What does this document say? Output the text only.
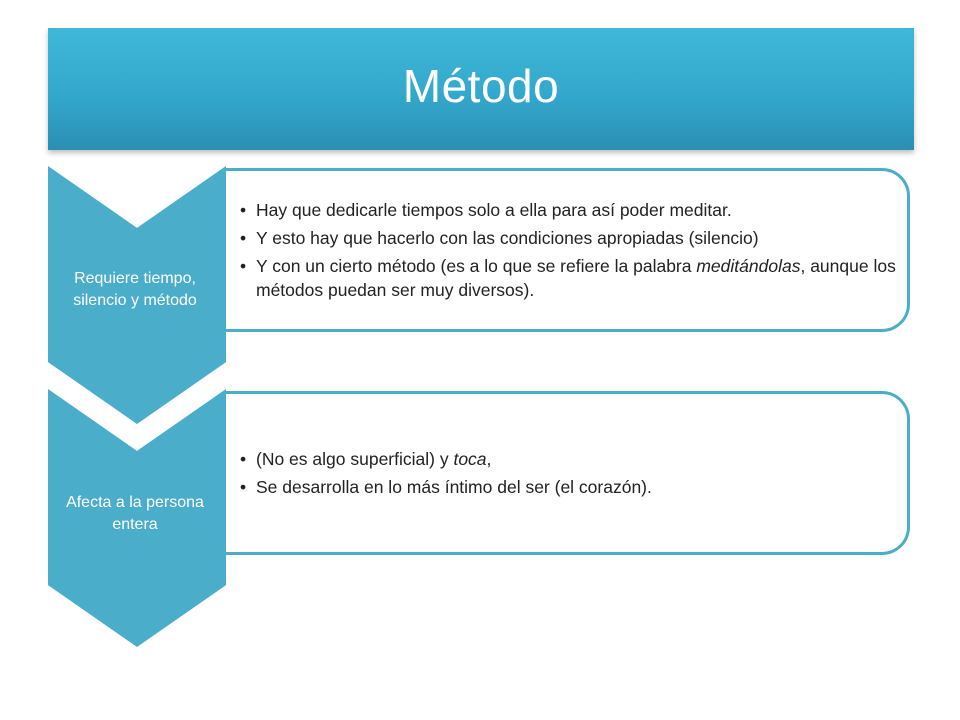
Método
Requiere tiempo, silencio y método
• Hay que dedicarle tiempos solo a ella para así poder meditar.
• Y esto hay que hacerlo con las condiciones apropiadas (silencio)
• Y con un cierto método (es a lo que se refiere la palabra meditándolas, aunque los métodos puedan ser muy diversos).
Afecta a la persona entera
• (No es algo superficial) y toca,
• Se desarrolla en lo más íntimo del ser (el corazón).
